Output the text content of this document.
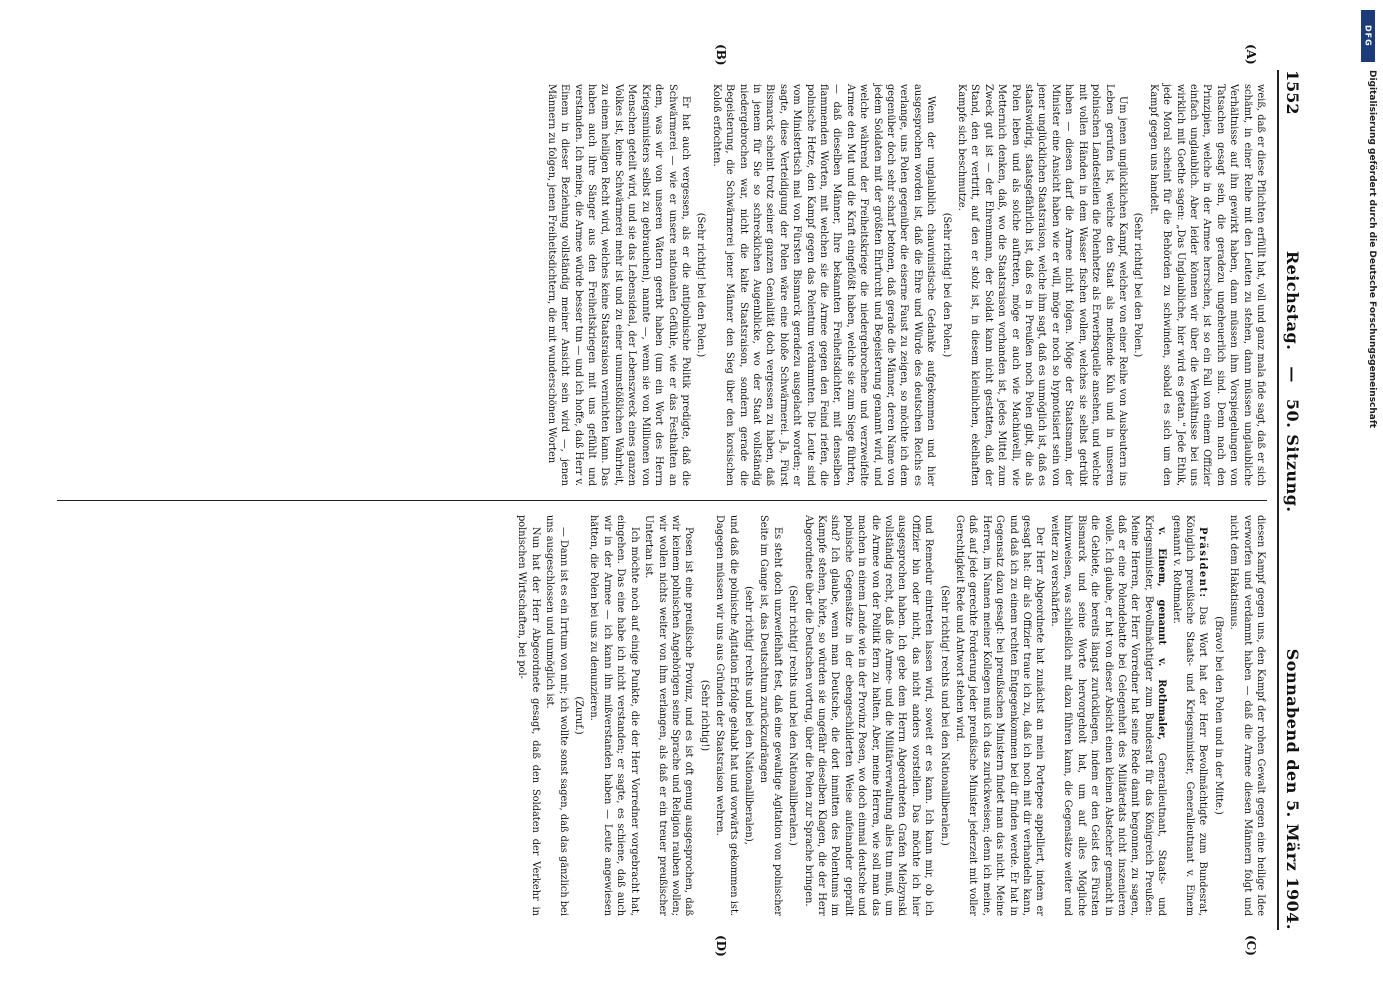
1552
Reichstag. — 50. Sitzung.
Sonnabend den 5. März 1904.
(A)
(B)
(C)
(D)

weiß, daß er diese Pflichten erfüllt hat, voll und ganz mala fide sagt, daß er sich schämt, in einer Reihe mit den Leuten zu stehen, dann müssen unglaubliche Verhältnisse auf ihn gewirkt haben, dann müssen ihm Vorspiegelungen von Tatsachen gesagt sein, die geradezu ungeheuerlich sind. Denn nach den Prinzipien, welche in der Armee herrschen, ist so ein Fall von einem Offizier einfach unglaublich. Aber leider können wir über die Verhältnisse bei uns wirklich mit Goethe sagen: „Das Unglaubliche, hier wird es getan.“ Jede Ethik, jede Moral scheint für die Behörden zu schwinden, sobald es sich um den Kampf gegen uns handelt.

(Sehr richtig! bei den Polen.)

Um jenen unglücklichen Kampf, welcher von einer Reihe von Ausbeutern ins Leben gerufen ist, welche den Staat als melkende Kuh und in unseren polnischen Landesteilen die Polenhetze als Erwerbsquelle ansehen, und welche mit vollen Händen in dem Wasser fischen wollen, welches sie selbst getrübt haben — diesen darf die Armee nicht folgen. Möge der Staatsmann, der Minister eine Ansicht haben wie er will, möge er noch so hypnotisiert sein von jener unglücklichen Staatsraison, welche ihm sagt, daß es unmöglich ist, daß es staatswidrig, staatsgefährlich ist, daß es in Preußen noch Polen gibt, die als Polen leben und als solche auftreten, möge er auch wie Machiavelli, wie Metternich denken, daß, wo die Staatsraison vorhanden ist, jedes Mittel zum Zweck gut ist — der Ehrenmann, der Soldat kann nicht gestatten, daß der Stand, den er vertritt, auf den er stolz ist, in diesem kleinlichen, ekelhaften Kampfe sich beschmutze.

(Sehr richtig! bei den Polen.)

Wenn der unglaublich chauvinistische Gedanke aufgekommen und hier ausgesprochen worden ist, daß die Ehre und Würde des deutschen Reichs es verlange, uns Polen gegenüber die eiserne Faust zu zeigen, so möchte ich dem gegenüber doch sehr scharf betonen, daß gerade die Männer, deren Name von jedem Soldaten mit der größten Ehrfurcht und Begeisterung genannt wird, und welche während der Freiheitskriege die niedergebrochene und verzweifelte Armee den Mut und die Kraft eingeflößt haben, welche sie zum Siege führten, — daß dieselben Männer, Ihre bekannten Freiheitsdichter, mit denselben flammenden Worten, mit welchen sie die Armee gegen den Feind riefen, die polnische Hetze, den Kampf gegen das Polentum verdammten. Die Leute sind vom Ministertisch mal von Fürsten Bismarck geradezu ausgelacht worden; er sagte, diese Verteidigung der Polen wäre eine bloße Schwärmerei. Ja, Fürst Bismarck scheint trotz seiner ganzen Genialität doch vergessen zu haben, daß in jenem für Sie so schrecklichen Augenblicke, wo der Staat vollständig niedergebrochen war, nicht die kalte Staatsraison, sondern gerade die Begeisterung, die Schwärmerei jener Männer den Sieg über den korsischen Koloß erfochten.

(Sehr richtig! bei den Polen.)

Er hat auch vergessen, als er die antipolnische Politik predigte, daß die Schwärmerei — wie er unsere nationalen Gefühle, wie er das Festhalten an dem, was wir von unseren Vätern geerbt haben (um ein Wort des Herrn Kriegsministers selbst zu gebrauchen), nannte —, wenn sie von Millionen von Menschen geteilt wird, und sie das Lebensideal, der Lebenszweck eines ganzen Volkes ist, keine Schwärmerei mehr ist und zu einer unumstößlichen Wahrheit, zu einem heiligen Recht wird, welches keine Staatsraison vernichten kann. Das haben auch ihre Sänger aus den Freiheitskriegen mit uns gefühlt und verstanden. Ich meine, die Armee würde besser tun — und ich hoffe, daß Herr v. Einem in dieser Beziehung vollständig meiner Ansicht sein wird —, jenen Männern zu folgen, jenen Freiheitsdichtern, die mit wunderschönen Worten

diesen Kampf gegen uns, den Kampf der rohen Gewalt gegen eine heilige Idee verworfen und verdammt haben — daß die Armee diesen Männern folgt und nicht dem Hakatismus.

(Bravo! bei den Polen und in der Mitte.)

Präsident: Das Wort hat der Herr Bevollmächtigte zum Bundesrat, Königlich preußische Staats- und Kriegsminister, Generalleutnant v. Einem genannt v. Rothmaler.

v. Einem, genannt v. Rothmaler, Generalleutnant, Staats- und Kriegsminister, Bevollmächtigter zum Bundesrat für das Königreich Preußen: Meine Herren, der Herr Vorredner hat seine Rede damit begonnen, zu sagen, daß er eine Polendebatte bei Gelegenheit des Militäretats nicht inszenieren wolle. Ich glaube, er hat von dieser Absicht einen kleinen Abstecher gemacht in die Gebiete, die bereits längst zurückliegen, indem er den Geist des Fürsten Bismarck und seine Worte hervorgeholt hat, um auf alles Mögliche hinzuweisen, was schließlich mit dazu führen kann, die Gegensätze weiter und weiter zu verschärfen.

Der Herr Abgeordnete hat zunächst an mein Portepee appelliert, indem er gesagt hat: dir als Offizier traue ich zu, daß ich noch mit dir verhandeln kann, und daß ich zu einem rechten Entgegenkommen bei dir finden werde. Er hat in Gegensatz dazu gesagt: bei preußischen Ministern findet man das nicht. Meine Herren, im Namen meiner Kollegen muß ich das zurückweisen; denn ich meine, daß auf jede gerechte Forderung jeder preußische Minister jederzeit mit voller Gerechtigkeit Rede und Antwort stehen wird.

(Sehr richtig! rechts und bei den Nationalliberalen.)

und Remedur eintreten lassen wird, soweit er es kann. Ich kann mir, ob ich Offizier bin oder nicht, das nicht anders vorstellen. Das möchte ich hier ausgesprochen haben. Ich gebe dem Herrn Abgeordneten Grafen Mielzynski vollständig recht, daß die Armee- und die Militärverwaltung alles tun muß, um die Armee von der Politik fern zu halten. Aber, meine Herren, wie soll man das machen in einem Lande wie in der Provinz Posen, wo doch einmal deutsche und polnische Gegensätze in der ebengeschilderten Weise aufeinander geprallt sind? Ich glaube, wenn man Deutsche, die dort inmitten des Polentums im Kampfe stehen, hörte, so würden sie ungefähr dieselben Klagen, die der Herr Abgeordnete über die Deutschen vortrug, über die Polen zur Sprache bringen.

(Sehr richtig! rechts und bei den Nationalliberalen.)

Es steht doch unzweifelhaft fest, daß eine gewaltige Agitation von polnischer Seite im Gange ist, das Deutschtum zurückzudrängen

(sehr richtig! rechts und bei den Nationalliberalen),

und daß die polnische Agitation Erfolge gehabt hat und vorwärts gekommen ist. Dagegen müssen wir uns aus Gründen der Staatsraison wehren.

(Sehr richtig!)

Posen ist eine preußische Provinz, und es ist oft genug ausgesprochen, daß wir keinem polnischen Angehörigen seine Sprache und Religion rauben wollen; wir wollen nichts weiter von ihm verlangen, als daß er ein treuer preußischer Untertan ist.

Ich möchte noch auf einige Punkte, die der Herr Vorredner vorgebracht hat, eingehen. Das eine habe ich nicht verstanden; er sagte, es schiene, daß auch wir in der Armee — ich kann ihn mißverstanden haben — Leute angewiesen hätten, die Polen bei uns zu denunzieren.

(Zuruf.)

— Dann ist es ein Irrtum von mir; ich wollte sonst sagen, daß das gänzlich bei uns ausgeschlossen und unmöglich ist.

Nun hat der Herr Abgeordnete gesagt, daß den Soldaten der Verkehr in polnischen Wirtschaften, bei pol-

DFG
Digitalisierung gefördert durch die Deutsche Forschungsgemeinschaft
